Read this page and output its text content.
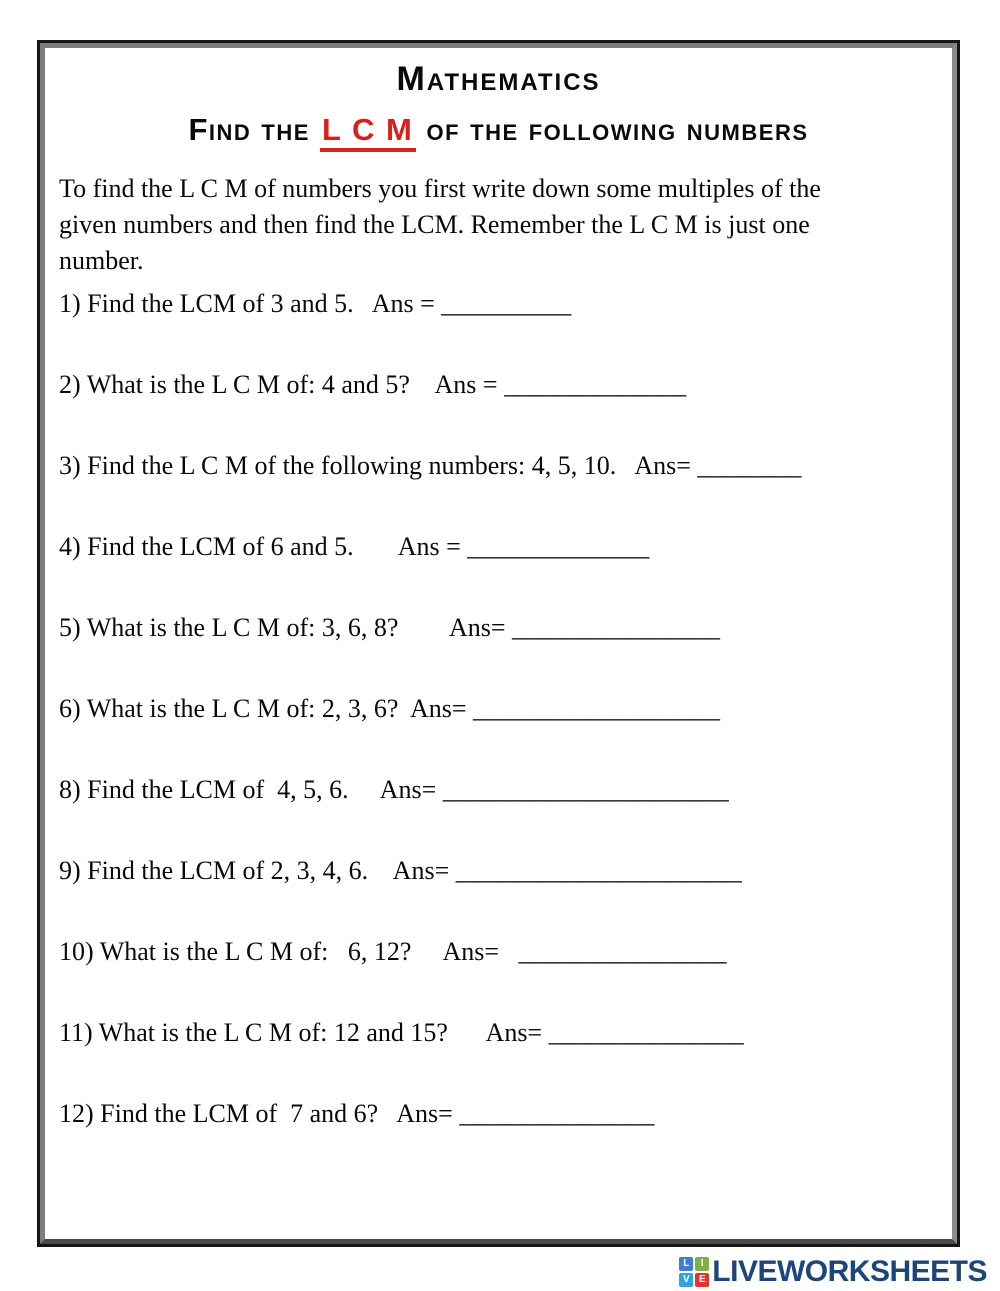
Mathematics
Find the L C M of the following numbers
To find the L C M of numbers you first write down some multiples of the
given numbers and then find the LCM. Remember the L C M is just one
number.
1) Find the LCM of 3 and 5.   Ans = __________
2) What is the L C M of: 4 and 5?    Ans = ______________
3) Find the L C M of the following numbers: 4, 5, 10.   Ans= ________
4) Find the LCM of 6 and 5.       Ans = ______________
5) What is the L C M of: 3, 6, 8?        Ans= ________________
6) What is the L C M of: 2, 3, 6?  Ans= ___________________
8) Find the LCM of  4, 5, 6.     Ans= ______________________
9) Find the LCM of 2, 3, 4, 6.    Ans= ______________________
10) What is the L C M of:   6, 12?     Ans=   ________________
11) What is the L C M of: 12 and 15?      Ans= _______________
12) Find the LCM of  7 and 6?   Ans= _______________
L	I
V E LIVEWORKSHEETS
